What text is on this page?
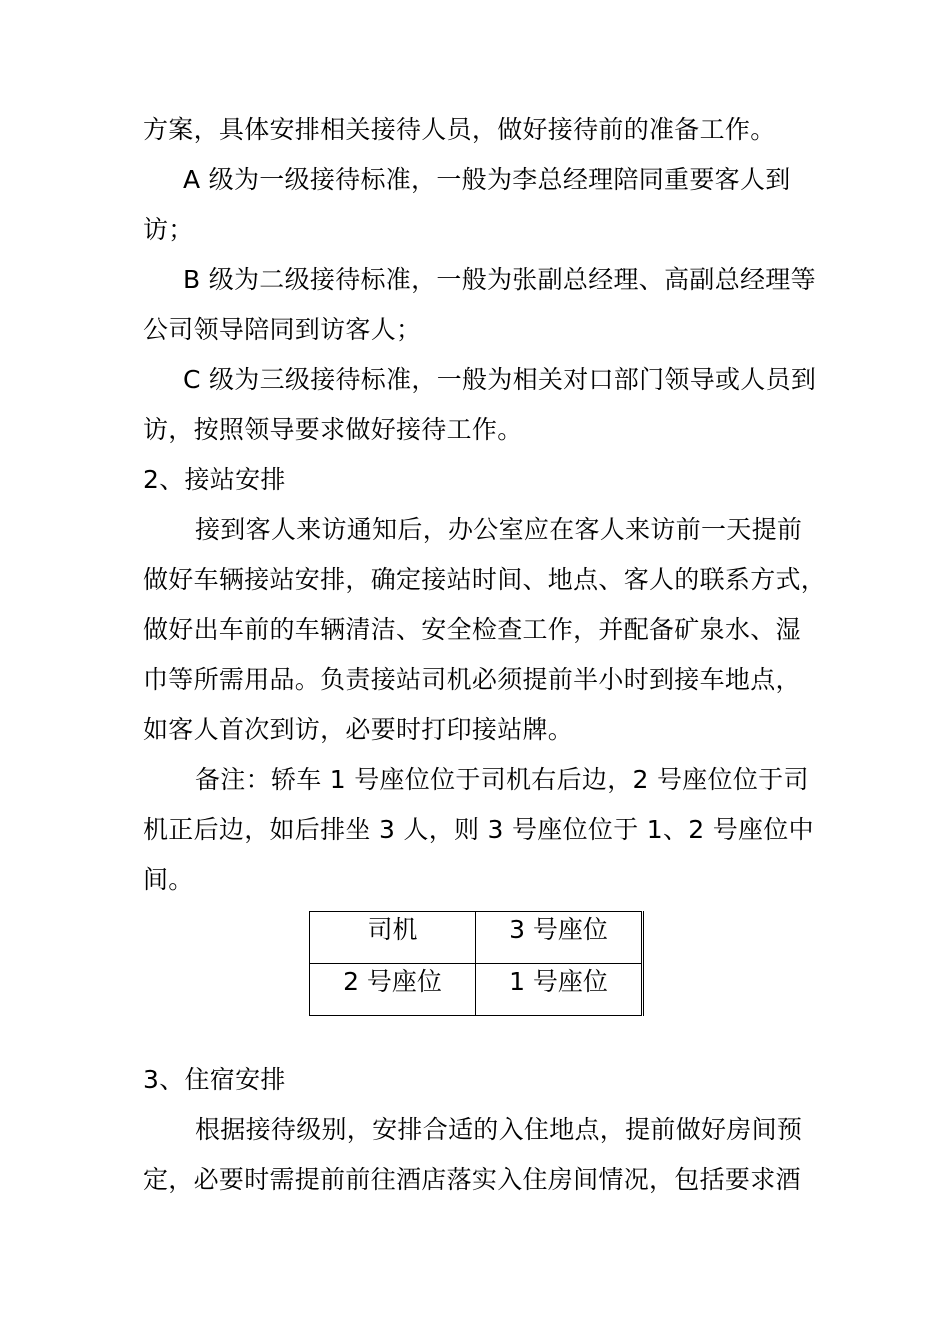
方案，具体安排相关接待人员，做好接待前的准备工作。
A 级为一级接待标准，一般为李总经理陪同重要客人到
访；
B 级为二级接待标准，一般为张副总经理、高副总经理等
公司领导陪同到访客人；
C 级为三级接待标准，一般为相关对口部门领导或人员到
访，按照领导要求做好接待工作。
2、接站安排
接到客人来访通知后，办公室应在客人来访前一天提前
做好车辆接站安排，确定接站时间、地点、客人的联系方式，
做好出车前的车辆清洁、安全检查工作，并配备矿泉水、湿
巾等所需用品。负责接站司机必须提前半小时到接车地点，
如客人首次到访，必要时打印接站牌。
备注：轿车 1 号座位位于司机右后边，2 号座位位于司
机正后边，如后排坐 3 人，则 3 号座位位于 1、2 号座位中
间。
司机	3 号座位
2 号座位	1 号座位
3、住宿安排
根据接待级别，安排合适的入住地点，提前做好房间预
定，必要时需提前前往酒店落实入住房间情况，包括要求酒
